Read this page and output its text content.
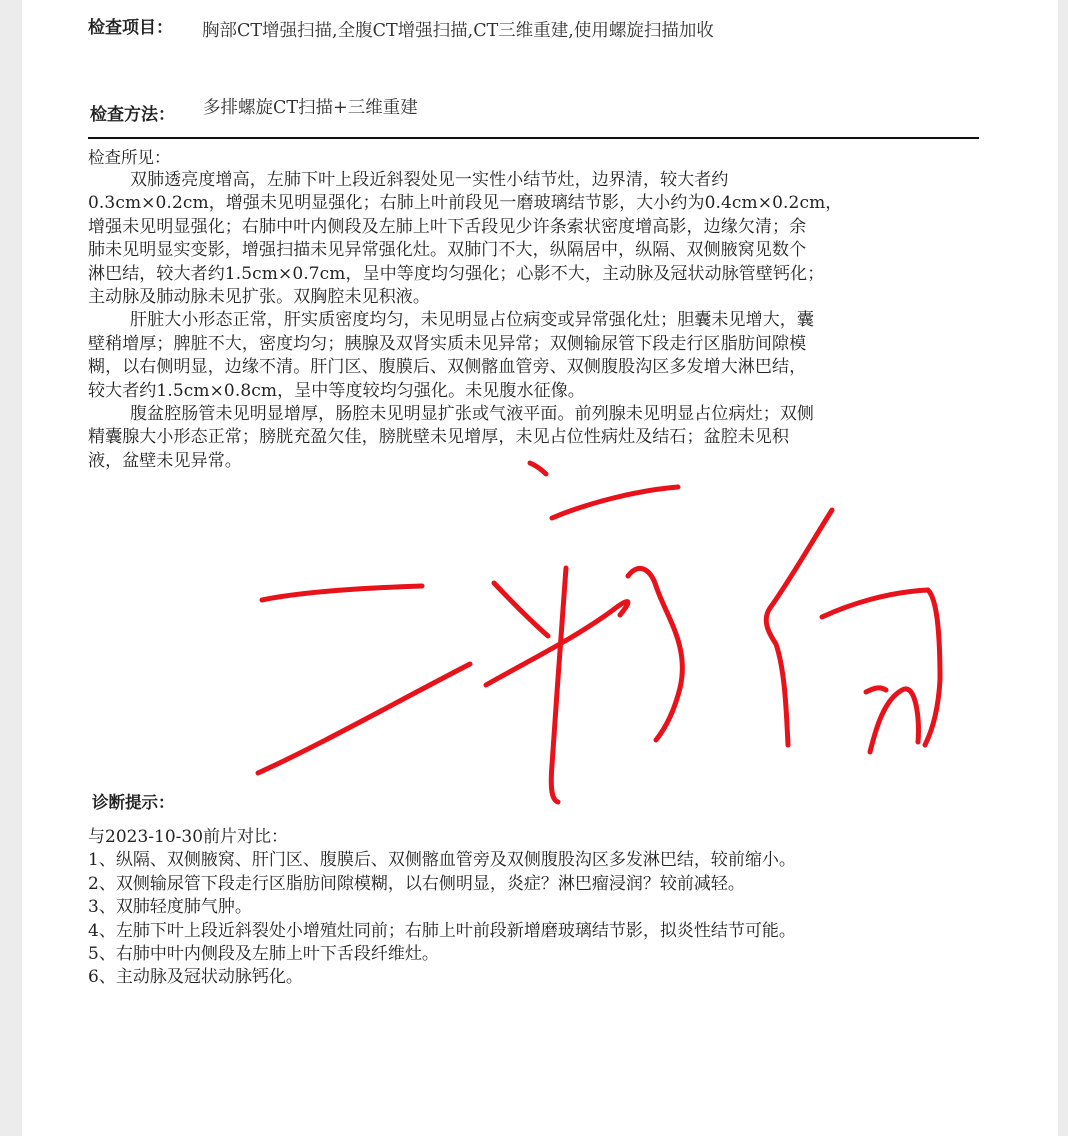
检查项目： 胸部CT增强扫描,全腹CT增强扫描,CT三维重建,使用螺旋扫描加收
检查方法： 多排螺旋CT扫描+三维重建
检查所见：
双肺透亮度增高，左肺下叶上段近斜裂处见一实性小结节灶，边界清，较大者约
0.3cm×0.2cm，增强未见明显强化；右肺上叶前段见一磨玻璃结节影，大小约为0.4cm×0.2cm，
增强未见明显强化；右肺中叶内侧段及左肺上叶下舌段见少许条索状密度增高影，边缘欠清；余
肺未见明显实变影，增强扫描未见异常强化灶。双肺门不大，纵隔居中，纵隔、双侧腋窝见数个
淋巴结，较大者约1.5cm×0.7cm，呈中等度均匀强化；心影不大，主动脉及冠状动脉管壁钙化；
主动脉及肺动脉未见扩张。双胸腔未见积液。
肝脏大小形态正常，肝实质密度均匀，未见明显占位病变或异常强化灶；胆囊未见增大，囊
壁稍增厚；脾脏不大，密度均匀；胰腺及双肾实质未见异常；双侧输尿管下段走行区脂肪间隙模
糊，以右侧明显，边缘不清。肝门区、腹膜后、双侧髂血管旁、双侧腹股沟区多发增大淋巴结，
较大者约1.5cm×0.8cm，呈中等度较均匀强化。未见腹水征像。
腹盆腔肠管未见明显增厚，肠腔未见明显扩张或气液平面。前列腺未见明显占位病灶；双侧
精囊腺大小形态正常；膀胱充盈欠佳，膀胱壁未见增厚，未见占位性病灶及结石；盆腔未见积
液，盆壁未见异常。
诊断提示：
与2023-10-30前片对比：
1、纵隔、双侧腋窝、肝门区、腹膜后、双侧髂血管旁及双侧腹股沟区多发淋巴结，较前缩小。
2、双侧输尿管下段走行区脂肪间隙模糊，以右侧明显，炎症？淋巴瘤浸润？较前减轻。
3、双肺轻度肺气肿。
4、左肺下叶上段近斜裂处小增殖灶同前；右肺上叶前段新增磨玻璃结节影，拟炎性结节可能。
5、右肺中叶内侧段及左肺上叶下舌段纤维灶。
6、主动脉及冠状动脉钙化。
